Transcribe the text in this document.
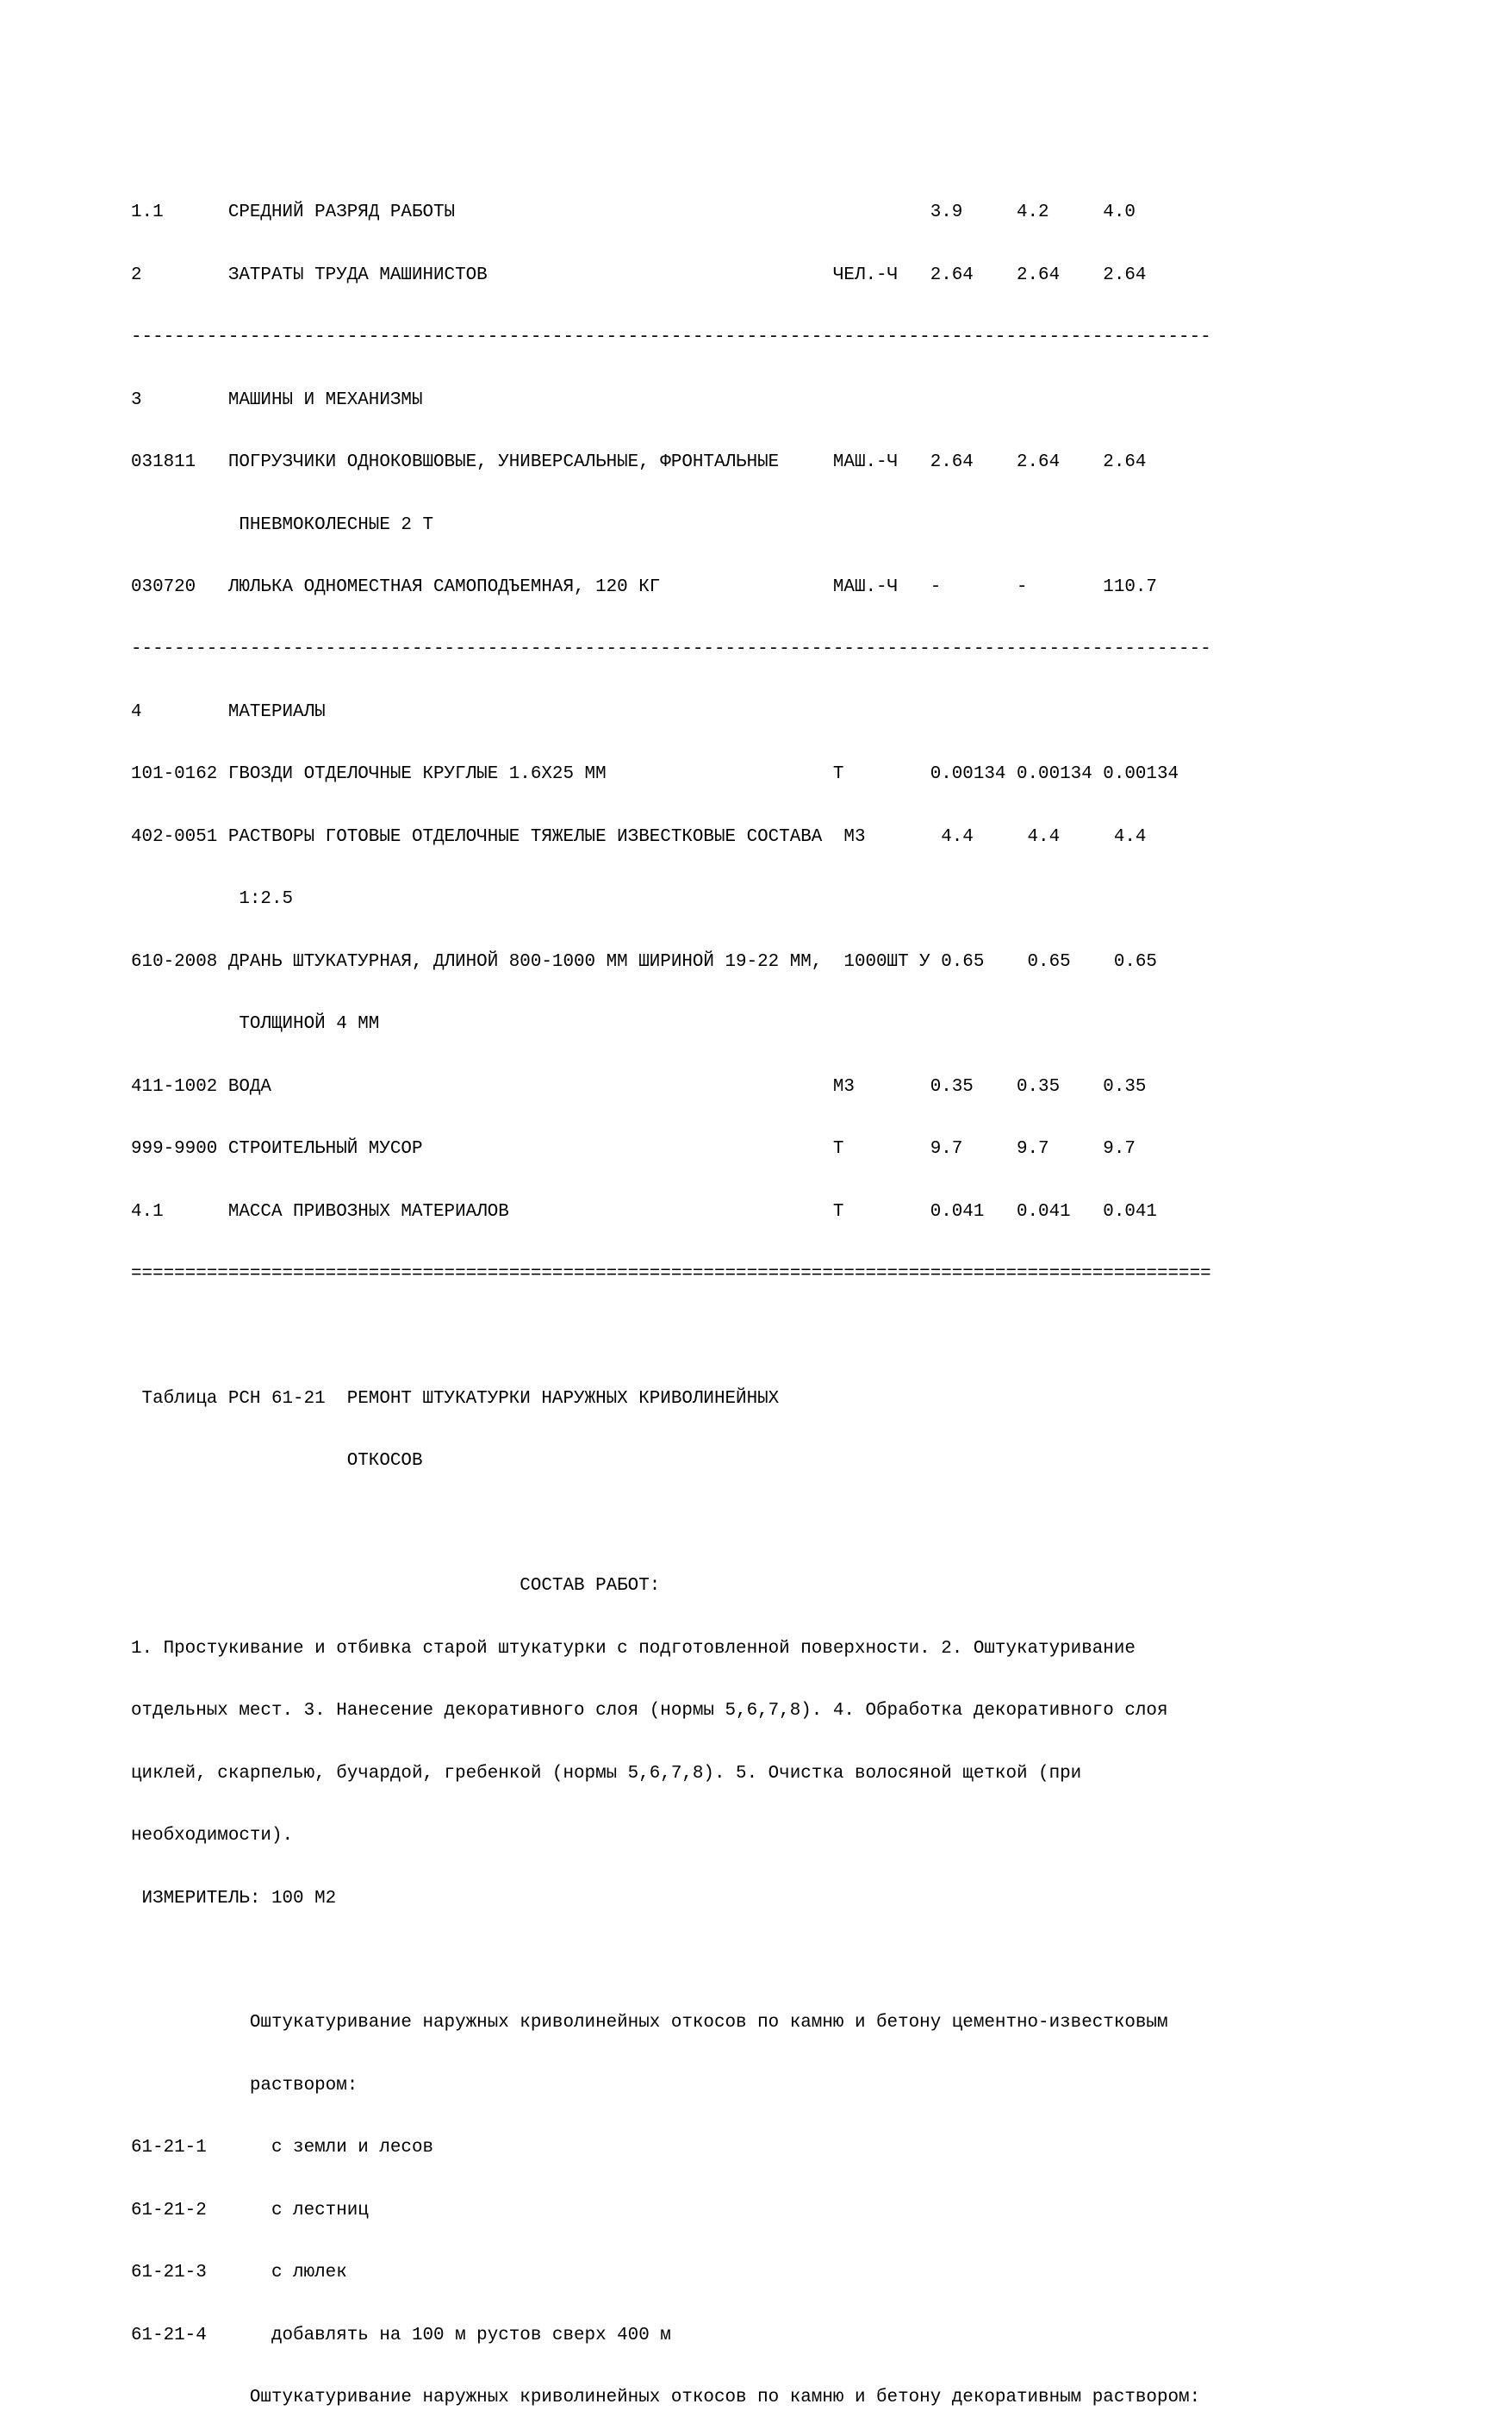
1.1      СРЕДНИЙ РАЗРЯД РАБОТЫ                                            3.9     4.2     4.0

2        ЗАТРАТЫ ТРУДА МАШИНИСТОВ                                ЧЕЛ.-Ч   2.64    2.64    2.64

----------------------------------------------------------------------------------------------------

3        МАШИНЫ И МЕХАНИЗМЫ

031811   ПОГРУЗЧИКИ ОДНОКОВШОВЫЕ, УНИВЕРСАЛЬНЫЕ, ФРОНТАЛЬНЫЕ     МАШ.-Ч   2.64    2.64    2.64

ПНЕВМОКОЛЕСНЫЕ 2 Т

030720   ЛЮЛЬКА ОДНОМЕСТНАЯ САМОПОДЪЕМНАЯ, 120 КГ                МАШ.-Ч   -       -       110.7

----------------------------------------------------------------------------------------------------

4        МАТЕРИАЛЫ

101-0162 ГВОЗДИ ОТДЕЛОЧНЫЕ КРУГЛЫЕ 1.6Х25 ММ                     Т        0.00134 0.00134 0.00134

402-0051 РАСТВОРЫ ГОТОВЫЕ ОТДЕЛОЧНЫЕ ТЯЖЕЛЫЕ ИЗВЕСТКОВЫЕ СОСТАВА  М3       4.4     4.4     4.4

1:2.5

610-2008 ДРАНЬ ШТУКАТУРНАЯ, ДЛИНОЙ 800-1000 ММ ШИРИНОЙ 19-22 ММ,  1000ШТ У 0.65    0.65    0.65

ТОЛЩИНОЙ 4 ММ

411-1002 ВОДА                                                    М3       0.35    0.35    0.35

999-9900 СТРОИТЕЛЬНЫЙ МУСОР                                      Т        9.7     9.7     9.7

4.1      МАССА ПРИВОЗНЫХ МАТЕРИАЛОВ                              Т        0.041   0.041   0.041

====================================================================================================

Таблица РСН 61-21  РЕМОНТ ШТУКАТУРКИ НАРУЖНЫХ КРИВОЛИНЕЙНЫХ

ОТКОСОВ

СОСТАВ РАБОТ:

1. Простукивание и отбивка старой штукатурки с подготовленной поверхности. 2. Оштукатуривание

отдельных мест. 3. Нанесение декоративного слоя (нормы 5,6,7,8). 4. Обработка декоративного слоя

циклей, скарпелью, бучардой, гребенкой (нормы 5,6,7,8). 5. Очистка волосяной щеткой (при

необходимости).

ИЗМЕРИТЕЛЬ: 100 М2

Оштукатуривание наружных криволинейных откосов по камню и бетону цементно-известковым

раствором:

61-21-1      с земли и лесов

61-21-2      с лестниц

61-21-3      с люлек

61-21-4      добавлять на 100 м рустов сверх 400 м

Оштукатуривание наружных криволинейных откосов по камню и бетону декоративным раствором:
